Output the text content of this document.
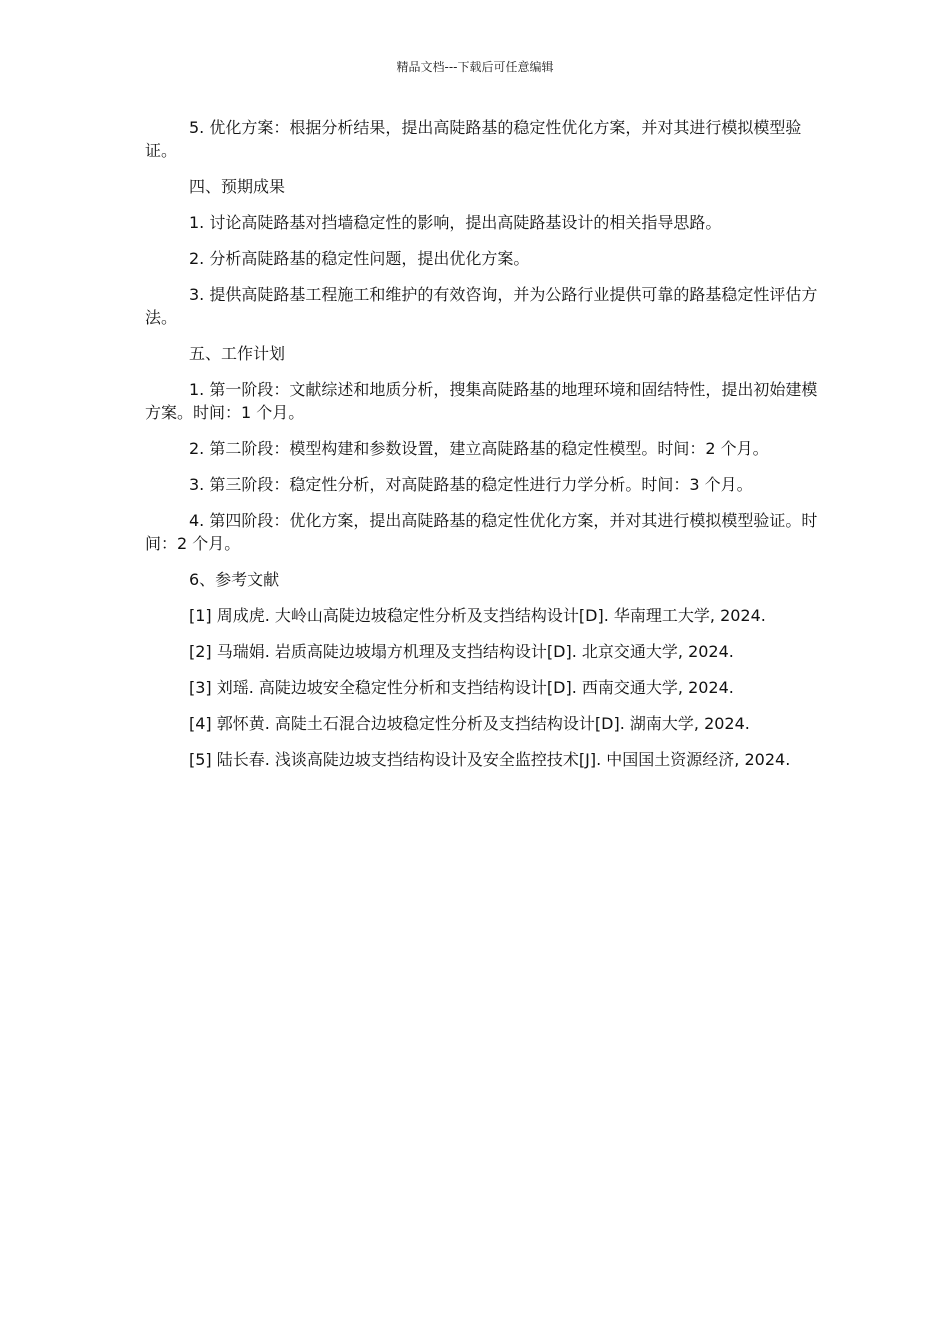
精品文档---下载后可任意编辑

5. 优化方案：根据分析结果，提出高陡路基的稳定性优化方案，并对其进行模拟模型验证。

四、预期成果

1. 讨论高陡路基对挡墙稳定性的影响，提出高陡路基设计的相关指导思路。

2. 分析高陡路基的稳定性问题，提出优化方案。

3. 提供高陡路基工程施工和维护的有效咨询，并为公路行业提供可靠的路基稳定性评估方法。

五、工作计划

1. 第一阶段：文献综述和地质分析，搜集高陡路基的地理环境和固结特性，提出初始建模方案。时间：1 个月。

2. 第二阶段：模型构建和参数设置，建立高陡路基的稳定性模型。时间：2 个月。

3. 第三阶段：稳定性分析，对高陡路基的稳定性进行力学分析。时间：3 个月。

4. 第四阶段：优化方案，提出高陡路基的稳定性优化方案，并对其进行模拟模型验证。时间：2 个月。

6、参考文献

[1] 周成虎. 大岭山高陡边坡稳定性分析及支挡结构设计[D]. 华南理工大学, 2024.

[2] 马瑞娟. 岩质高陡边坡塌方机理及支挡结构设计[D]. 北京交通大学, 2024.

[3] 刘瑶. 高陡边坡安全稳定性分析和支挡结构设计[D]. 西南交通大学, 2024.

[4] 郭怀黄. 高陡土石混合边坡稳定性分析及支挡结构设计[D]. 湖南大学, 2024.

[5] 陆长春. 浅谈高陡边坡支挡结构设计及安全监控技术[J]. 中国国土资源经济, 2024.
